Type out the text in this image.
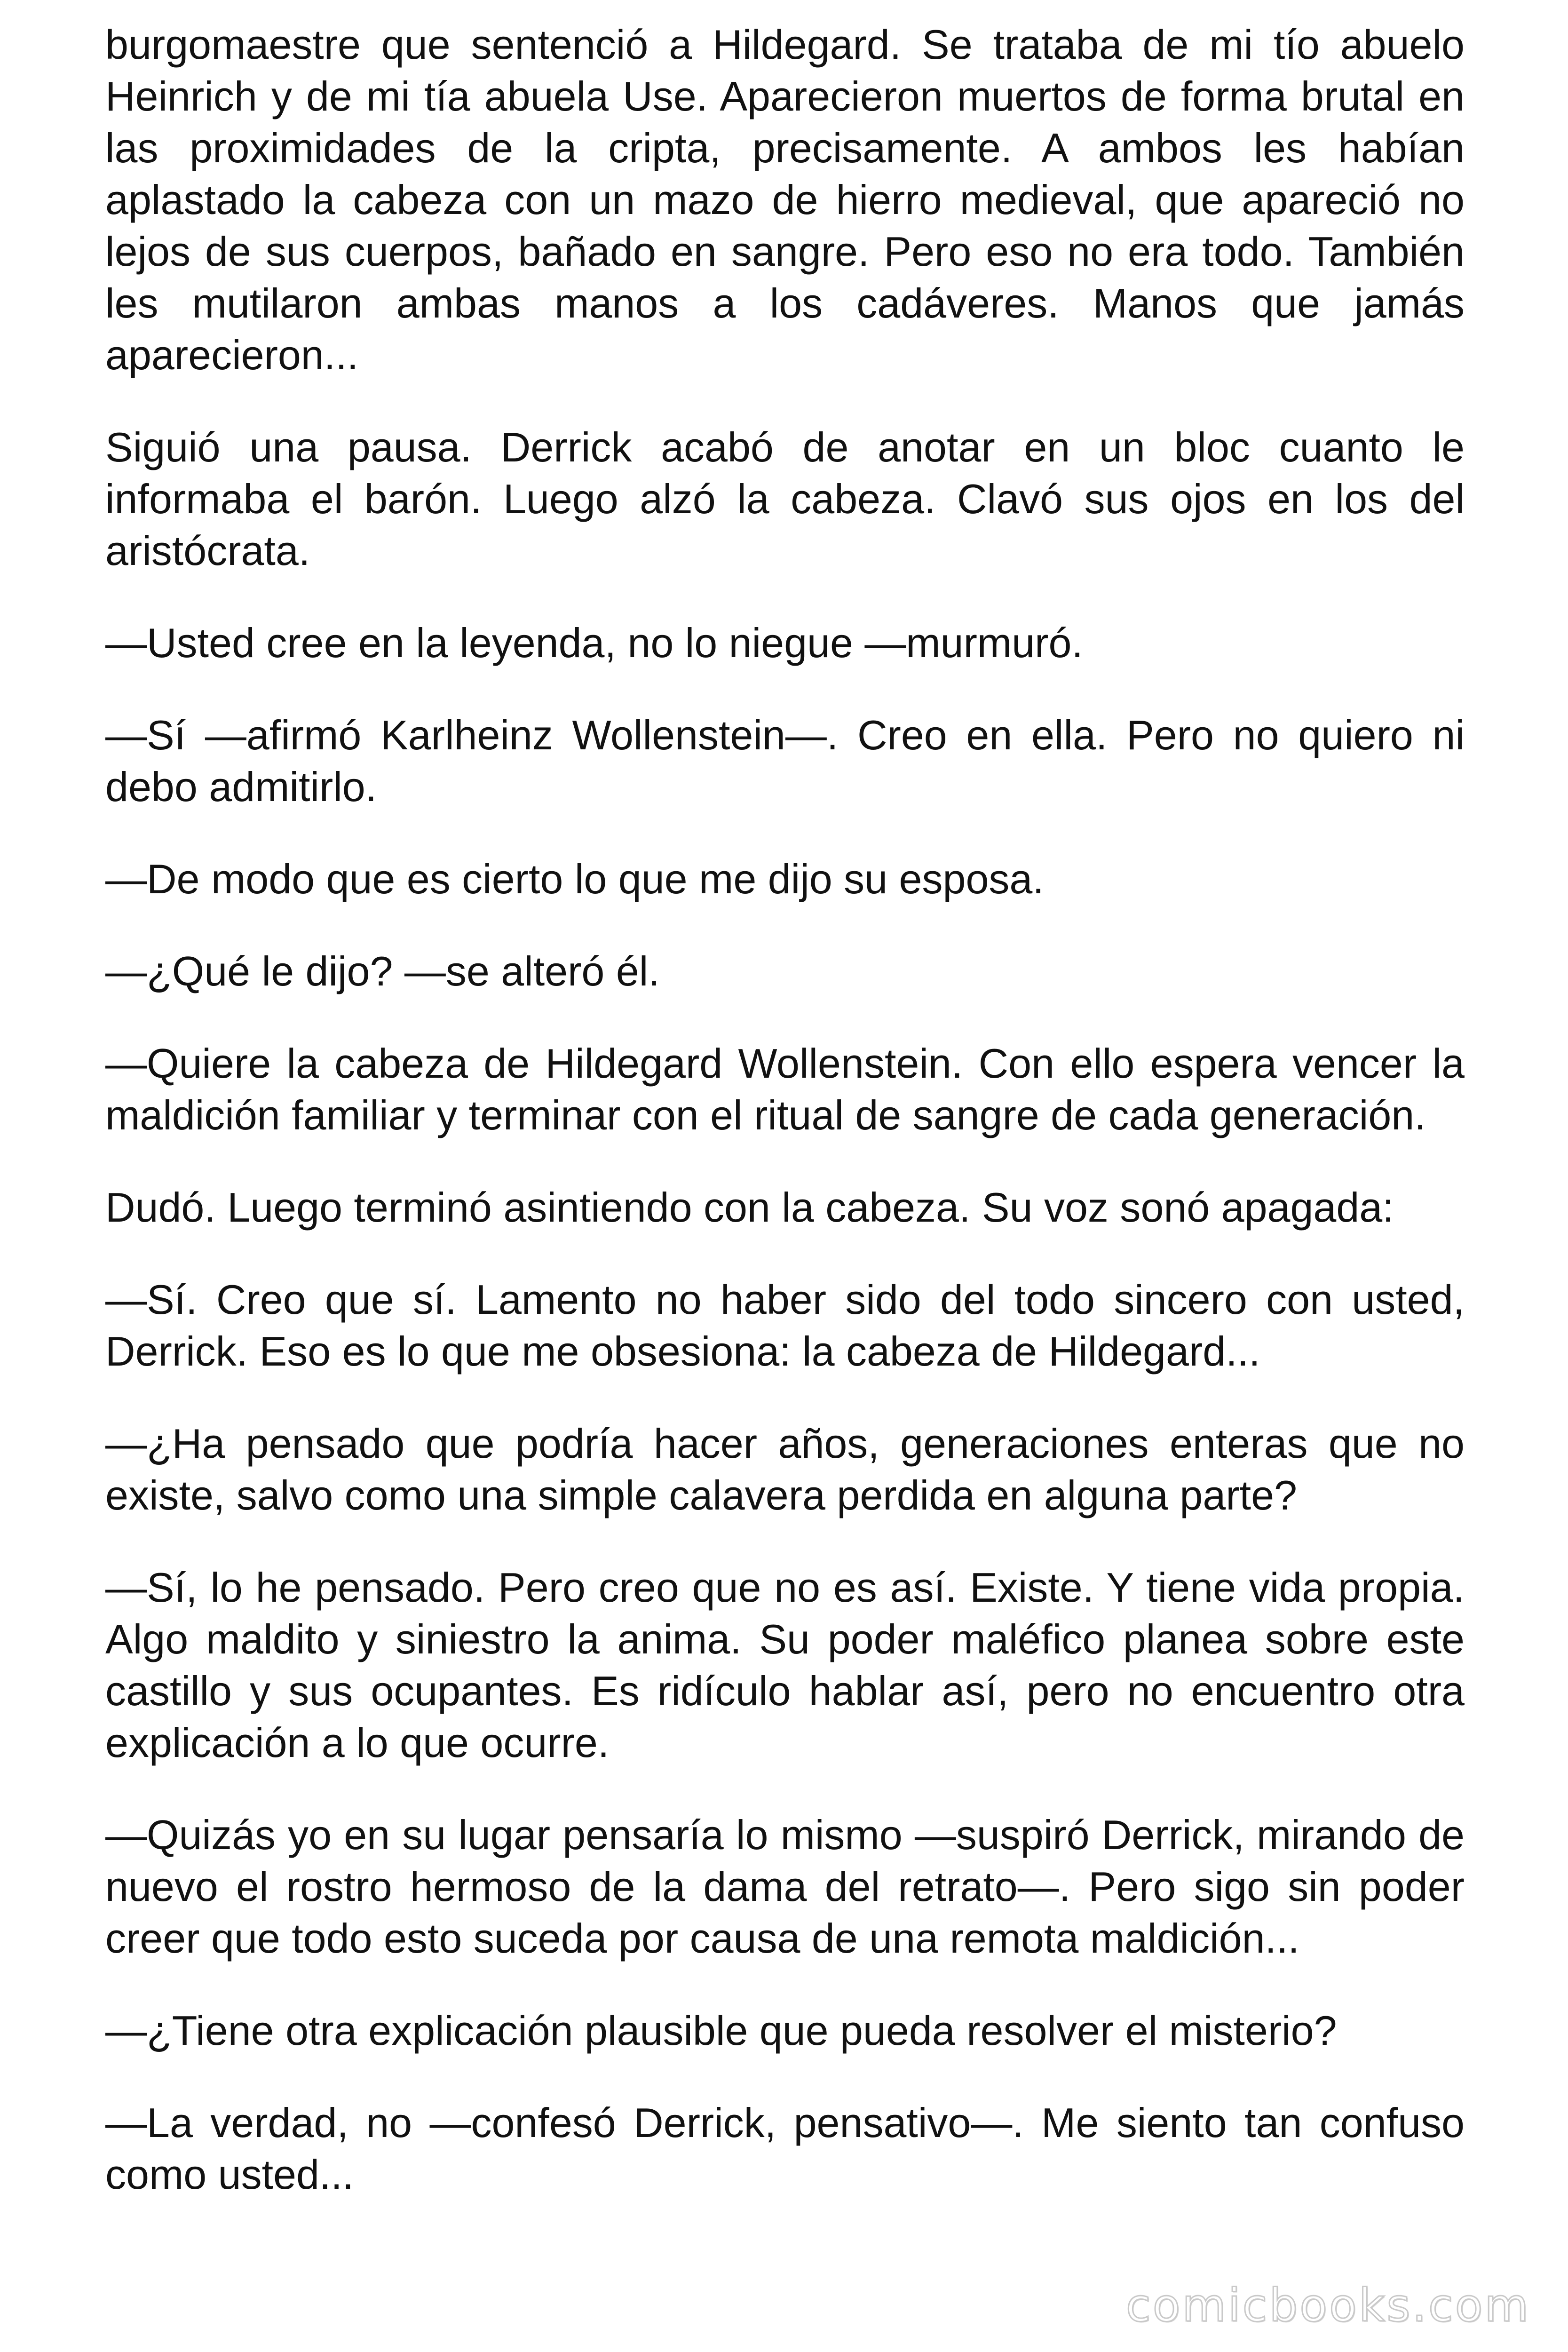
burgomaestre que sentenció a Hildegard. Se trataba de mi tío abuelo Heinrich y de mi tía abuela Use. Aparecieron muertos de forma brutal en las proximidades de la cripta, precisamente. A ambos les habían aplastado la cabeza con un mazo de hierro medieval, que apareció no lejos de sus cuerpos, bañado en sangre. Pero eso no era todo. También les mutilaron ambas manos a los cadáveres. Manos que jamás aparecieron...

Siguió una pausa. Derrick acabó de anotar en un bloc cuanto le informaba el barón. Luego alzó la cabeza. Clavó sus ojos en los del aristócrata.

—Usted cree en la leyenda, no lo niegue —murmuró.

—Sí —afirmó Karlheinz Wollenstein—. Creo en ella. Pero no quiero ni debo admitirlo.

—De modo que es cierto lo que me dijo su esposa.

—¿Qué le dijo? —se alteró él.

—Quiere la cabeza de Hildegard Wollenstein. Con ello espera vencer la maldición familiar y terminar con el ritual de sangre de cada generación.

Dudó. Luego terminó asintiendo con la cabeza. Su voz sonó apagada:

—Sí. Creo que sí. Lamento no haber sido del todo sincero con usted, Derrick. Eso es lo que me obsesiona: la cabeza de Hildegard...

—¿Ha pensado que podría hacer años, generaciones enteras que no existe, salvo como una simple calavera perdida en alguna parte?

—Sí, lo he pensado. Pero creo que no es así. Existe. Y tiene vida propia. Algo maldito y siniestro la anima. Su poder maléfico planea sobre este castillo y sus ocupantes. Es ridículo hablar así, pero no encuentro otra explicación a lo que ocurre.

—Quizás yo en su lugar pensaría lo mismo —suspiró Derrick, mirando de nuevo el rostro hermoso de la dama del retrato—. Pero sigo sin poder creer que todo esto suceda por causa de una remota maldición...

—¿Tiene otra explicación plausible que pueda resolver el misterio?

—La verdad, no —confesó Derrick, pensativo—. Me siento tan confuso como usted...

comicbooks.com
